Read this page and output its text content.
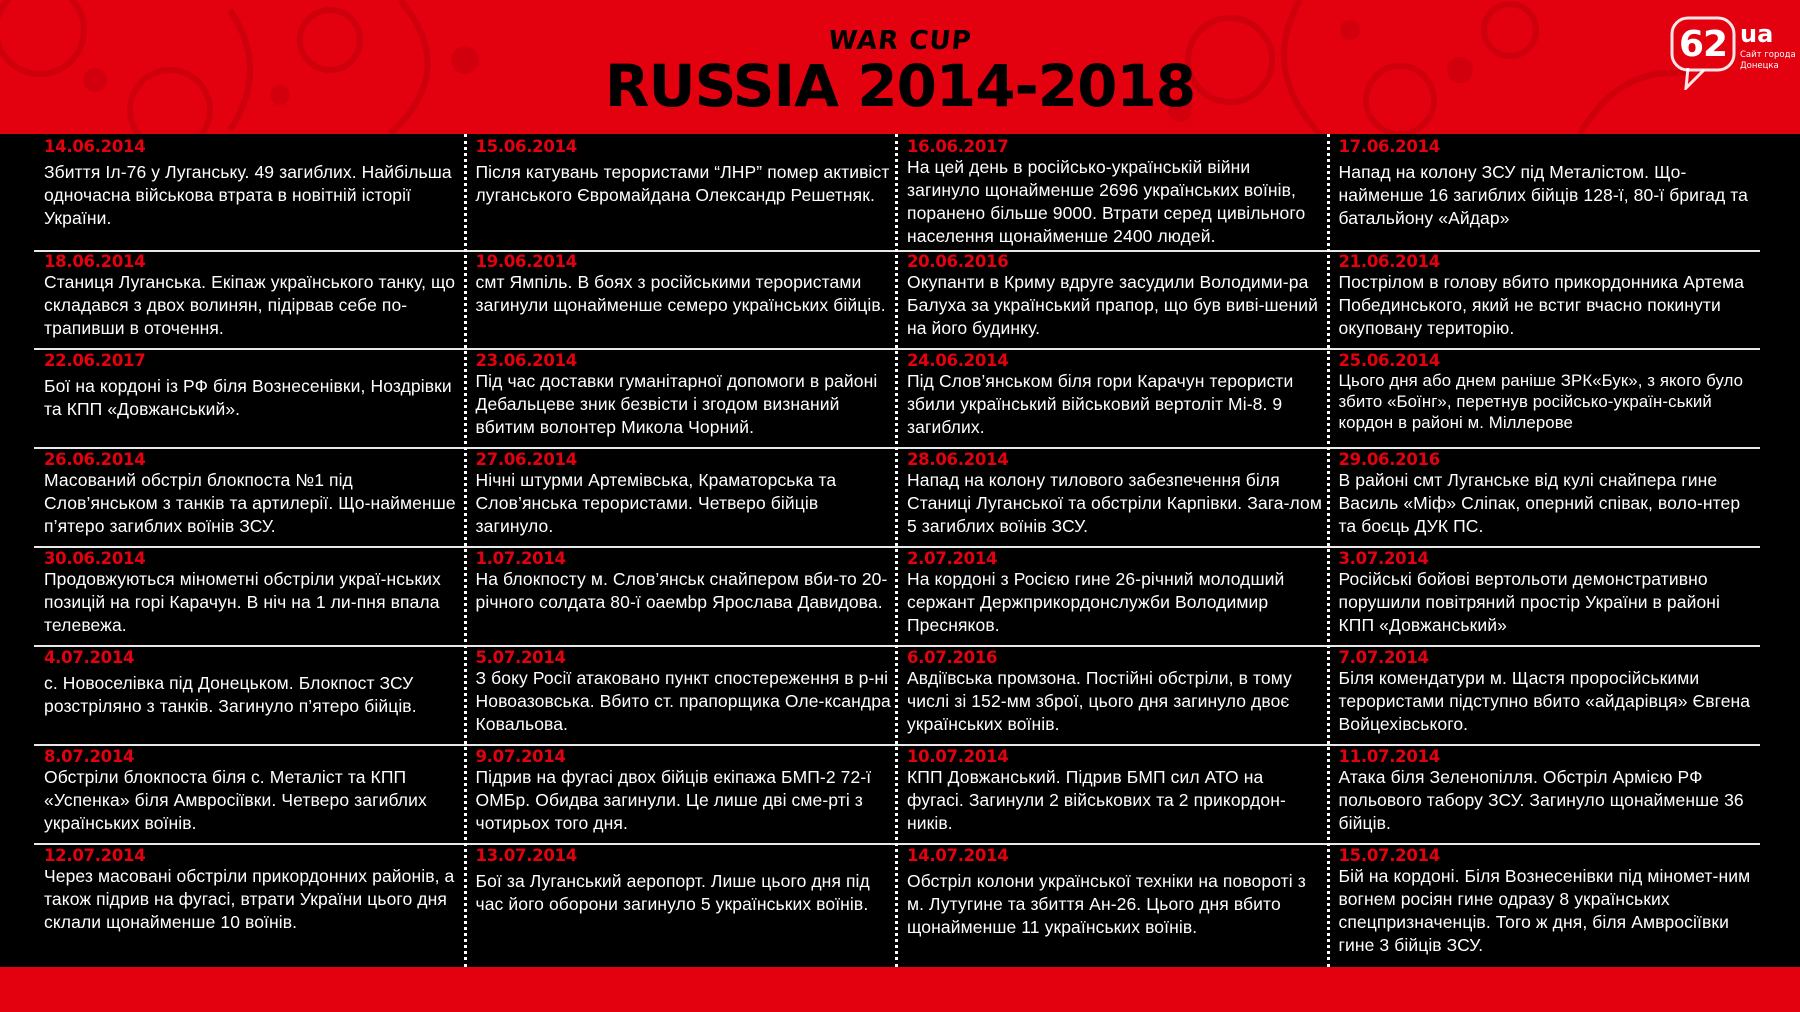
WAR CUP
RUSSIA 2014-2018
62 ua
Сайт города Донецка
14.06.2014
Збиття Іл-76 у Луганську. 49 загиблих. Найбільша одночасна військова втрата в новітній історії України.
15.06.2014
Після катувань терористами “ЛНР” помер активіст луганського Євромайдана Олександр Решетняк.
16.06.2017
На цей день в російсько-українській війни загинуло щонайменше 2696 українських воїнів, поранено більше 9000. Втрати серед цивільного населення щонайменше 2400 людей.
17.06.2014
Напад на колону ЗСУ під Металістом. Що-найменше 16 загиблих бійців 128-ї, 80-ї бригад та батальйону «Айдар»
18.06.2014
Станиця Луганська. Екіпаж українського танку, що складався з двох волинян, підірвав себе по-трапивши в оточення.
19.06.2014
смт Ямпіль. В боях з російськими терористами загинули щонайменше семеро українських бійців.
20.06.2016
Окупанти в Криму вдруге засудили Володими-ра Балуха за український прапор, що був виві-шений на його будинку.
21.06.2014
Пострілом в голову вбито прикордонника Артема Побединського, який не встиг вчасно покинути окуповану територію.
22.06.2017
Бої на кордоні із РФ біля Вознесенівки, Ноздрівки та КПП «Довжанський».
23.06.2014
Під час доставки гуманітарної допомоги в районі Дебальцеве зник безвісти і згодом визнаний вбитим волонтер Микола Чорний.
24.06.2014
Під Слов’янськом біля гори Карачун терористи збили український військовий вертоліт Мі-8. 9 загиблих.
25.06.2014
Цього дня або днем раніше ЗРК«Бук», з якого було збито «Боїнг», перетнув російсько-україн-ський кордон в районі м. Міллерове
26.06.2014
Масований обстріл блокпоста №1 під Слов’янськом з танків та артилерії. Що-найменше п’ятеро загиблих воїнів ЗСУ.
27.06.2014
Нічні штурми Артемівська, Краматорська та Слов’янська терористами. Четверо бійців загинуло.
28.06.2014
Напад на колону тилового забезпечення біля Станиці Луганської та обстріли Карпівки. Зага-лом 5 загиблих воїнів ЗСУ.
29.06.2016
В районі смт Луганське від кулі снайпера гине Василь «Міф» Сліпак, оперний співак, воло-нтер та боєць ДУК ПС.
30.06.2014
Продовжуються мінометні обстріли украї-нських позицій на горі Карачун. В ніч на 1 ли-пня впала телевежа.
1.07.2014
На блокпосту м. Слов’янськ снайпером вби-то 20-річного солдата 80-ї оаемbр Ярослава Давидова.
2.07.2014
На кордоні з Росією гине 26-річний молодший сержант Держприкордонслужби Володимир Пресняков.
3.07.2014
Російські бойові вертольоти демонстративно порушили повітряний простір України в районі КПП «Довжанський»
4.07.2014
с. Новоселівка під Донецьком. Блокпост ЗСУ розстріляно з танків. Загинуло п’ятеро бійців.
5.07.2014
З боку Росії атаковано пункт спостереження в р-ні Новоазовська. Вбито ст. прапорщика Оле-ксандра Ковальова.
6.07.2016
Авдіївська промзона. Постійні обстріли, в тому числі зі 152-мм зброї, цього дня загинуло двоє українських воїнів.
7.07.2014
Біля комендатури м. Щастя проросійськими терористами підступно вбито «айдарівця» Євгена Войцехівського.
8.07.2014
Обстріли блокпоста біля с. Металіст та КПП «Успенка» біля Амвросіївки. Четверо загиблих українських воїнів.
9.07.2014
Підрив на фугасі двох бійців екіпажа БМП-2 72-ї ОМБр. Обидва загинули. Це лише дві сме-рті з чотирьох того дня.
10.07.2014
КПП Довжанський. Підрив БМП сил АТО на фугасі. Загинули 2 військових та 2 прикордон-ників.
11.07.2014
Атака біля Зеленопілля. Обстріл Армією РФ польового табору ЗСУ. Загинуло щонайменше 36 бійців.
12.07.2014
Через масовані обстріли прикордонних районів, а також підрив на фугасі, втрати України цього дня склали щонайменше 10 воїнів.
13.07.2014
Бої за Луганський аеропорт. Лише цього дня під час його оборони загинуло 5 українських воїнів.
14.07.2014
Обстріл колони української техніки на повороті з м. Лутугине та збиття Ан-26. Цього дня вбито щонайменше 11 українських воїнів.
15.07.2014
Бій на кордоні. Біля Вознесенівки під міномет-ним вогнем росіян гине одразу 8 українських спецпризначенців. Того ж дня, біля Амвросіївки гине 3 бійців ЗСУ.
